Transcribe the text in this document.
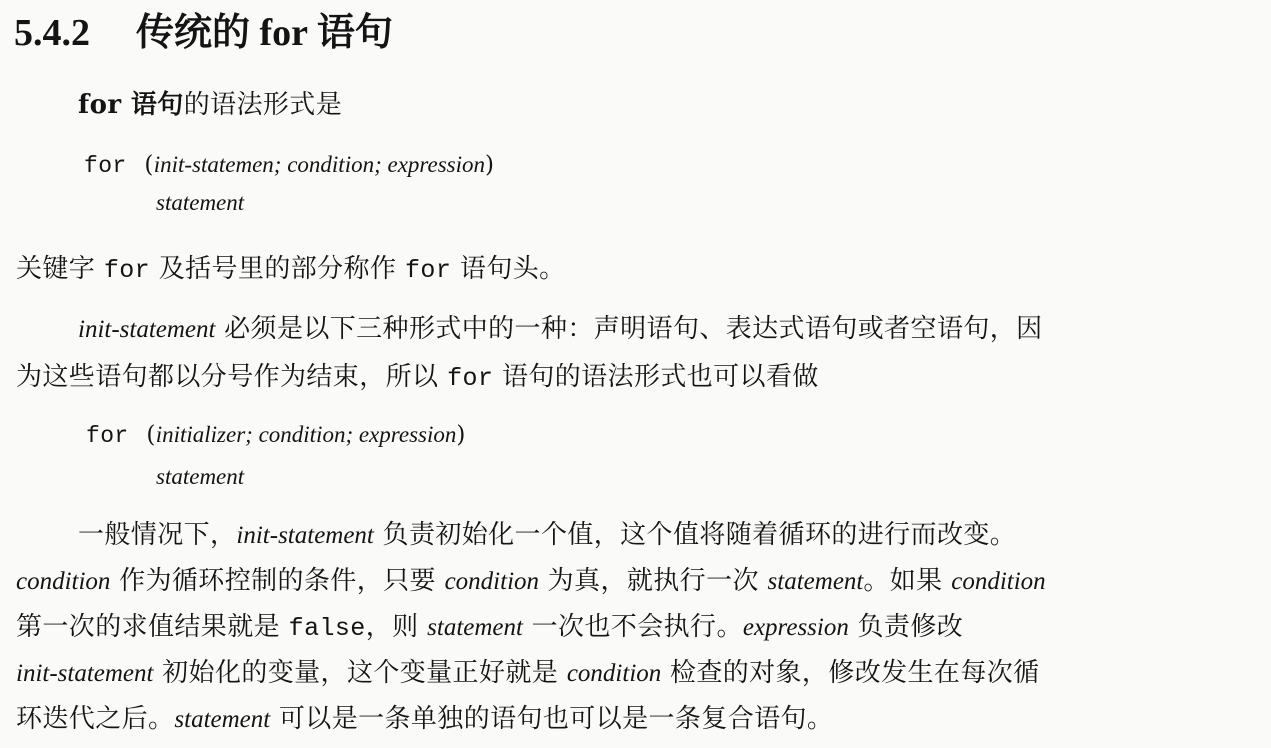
5.4.2 传统的 for 语句
for 语句的语法形式是
for (init-statemen; condition; expression)
statement
关键字 for 及括号里的部分称作 for 语句头。
init-statement 必须是以下三种形式中的一种：声明语句、表达式语句或者空语句，因
为这些语句都以分号作为结束，所以 for 语句的语法形式也可以看做
for (initializer; condition; expression)
statement
一般情况下，init-statement 负责初始化一个值，这个值将随着循环的进行而改变。
condition 作为循环控制的条件，只要 condition 为真，就执行一次 statement。如果 condition
第一次的求值结果就是 false，则 statement 一次也不会执行。expression 负责修改
init-statement 初始化的变量，这个变量正好就是 condition 检查的对象，修改发生在每次循
环迭代之后。statement 可以是一条单独的语句也可以是一条复合语句。
